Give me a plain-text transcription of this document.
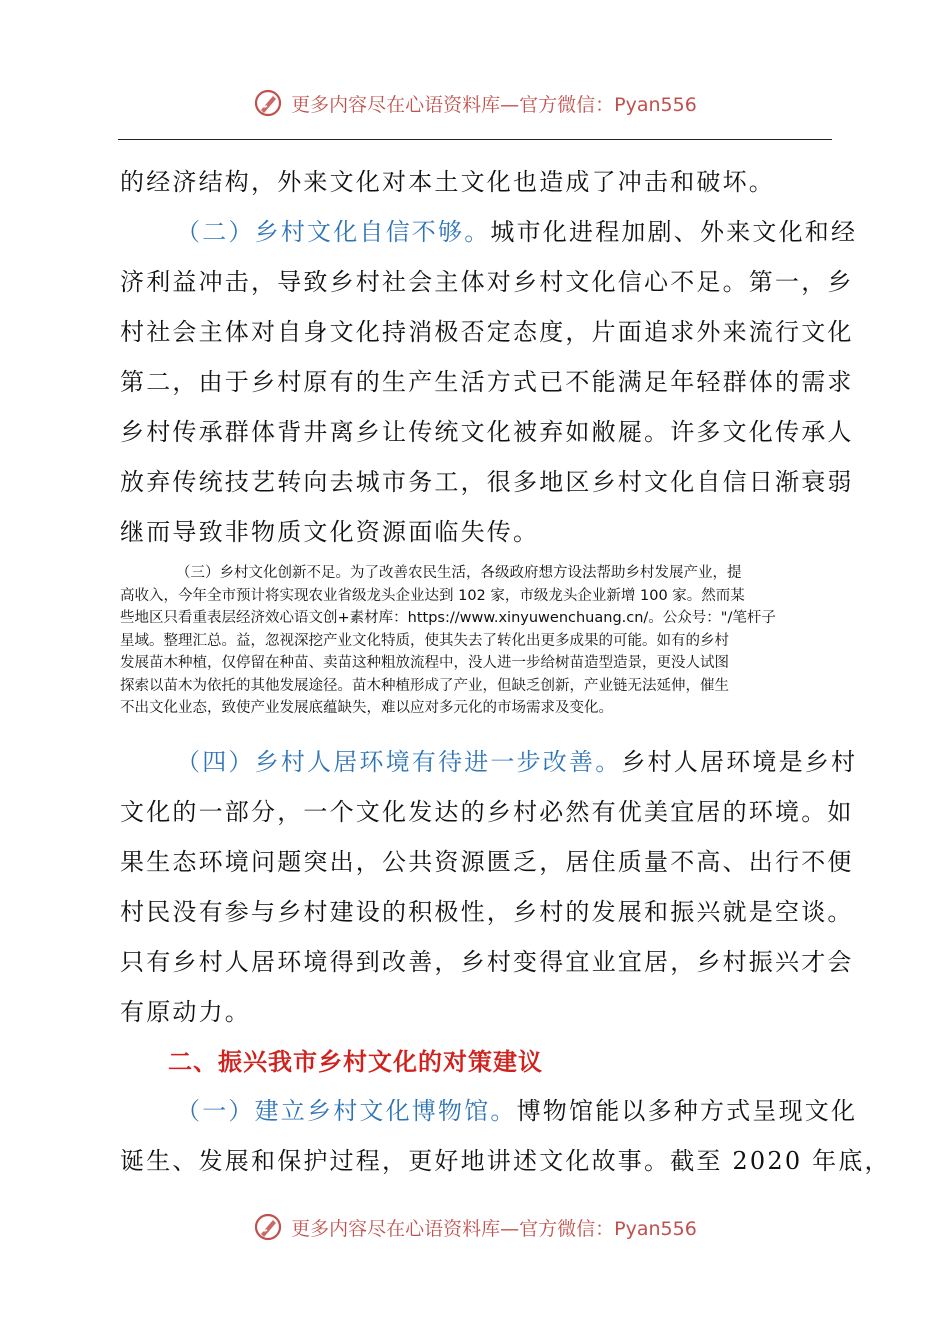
更多内容尽在心语资料库—官方微信：Pyan556

的经济结构，外来文化对本土文化也造成了冲击和破坏。

（二）乡村文化自信不够。城市化进程加剧、外来文化和经
济利益冲击，导致乡村社会主体对乡村文化信心不足。第一，乡
村社会主体对自身文化持消极否定态度，片面追求外来流行文化
第二，由于乡村原有的生产生活方式已不能满足年轻群体的需求
乡村传承群体背井离乡让传统文化被弃如敝屣。许多文化传承人
放弃传统技艺转向去城市务工，很多地区乡村文化自信日渐衰弱
继而导致非物质文化资源面临失传。

（三）乡村文化创新不足。为了改善农民生活，各级政府想方设法帮助乡村发展产业，提
高收入，今年全市预计将实现农业省级龙头企业达到 102 家，市级龙头企业新增 100 家。然而某
些地区只看重表层经济效心语文创+素材库：https://www.xinyuwenchuang.cn/。公众号："/笔杆子
星域。整理汇总。益，忽视深挖产业文化特质，使其失去了转化出更多成果的可能。如有的乡村
发展苗木种植，仅停留在种苗、卖苗这种粗放流程中，没人进一步给树苗造型造景，更没人试图
探索以苗木为依托的其他发展途径。苗木种植形成了产业，但缺乏创新，产业链无法延伸，催生
不出文化业态，致使产业发展底蕴缺失，难以应对多元化的市场需求及变化。

（四）乡村人居环境有待进一步改善。乡村人居环境是乡村
文化的一部分，一个文化发达的乡村必然有优美宜居的环境。如
果生态环境问题突出，公共资源匮乏，居住质量不高、出行不便
村民没有参与乡村建设的积极性，乡村的发展和振兴就是空谈。
只有乡村人居环境得到改善，乡村变得宜业宜居，乡村振兴才会
有原动力。

二、振兴我市乡村文化的对策建议

（一）建立乡村文化博物馆。博物馆能以多种方式呈现文化
诞生、发展和保护过程，更好地讲述文化故事。截至 2020 年底，

更多内容尽在心语资料库—官方微信：Pyan556
